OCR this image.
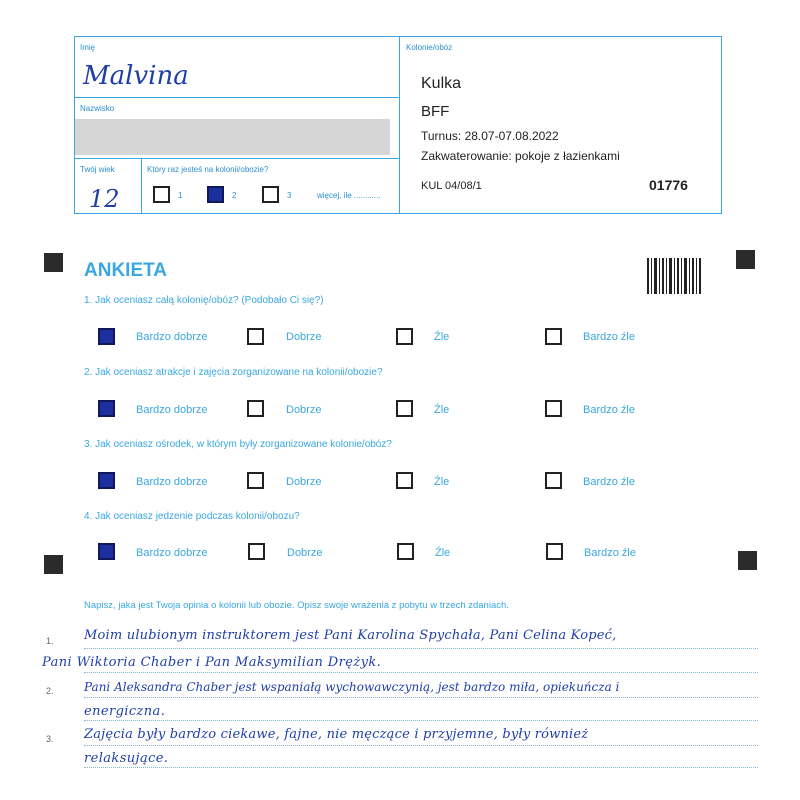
Imię
Malvina
Nazwisko
Twój wiek
12
Który raz jesteś na kolonii/obozie?
1	2	3	więcej, ile ............
Kolonie/obóz
Kulka
BFF
Turnus: 28.07-07.08.2022
Zakwaterowanie: pokoje z łazienkami
KUL 04/08/1	01776
ANKIETA
1. Jak oceniasz całą kolonię/obóz? (Podobało Ci się?)
Bardzo dobrze	Dobrze	Źle	Bardzo źle
2. Jak oceniasz atrakcje i zajęcia zorganizowane na kolonii/obozie?
Bardzo dobrze	Dobrze	Źle	Bardzo źle
3. Jak oceniasz ośrodek, w którym były zorganizowane kolonie/obóz?
Bardzo dobrze	Dobrze	Źle	Bardzo źle
4. Jak oceniasz jedzenie podczas kolonii/obozu?
Bardzo dobrze	Dobrze	Źle	Bardzo źle
Napisz, jaka jest Twoja opinia o kolonii lub obozie. Opisz swoje wrażenia z pobytu w trzech zdaniach.
1. Moim ulubionym instruktorem jest Pani Karolina Spychała, Pani Celina Kopeć,
Pani Wiktoria Chaber i Pan Maksymilian Drężyk.
2.	Pani Aleksandra Chaber jest wspaniałą wychowawczynią, jest bardzo miła, opiekuńcza i
energiczna.
3. Zajęcia były bardzo ciekawe, fajne, nie męczące i przyjemne, były również
relaksujące.
